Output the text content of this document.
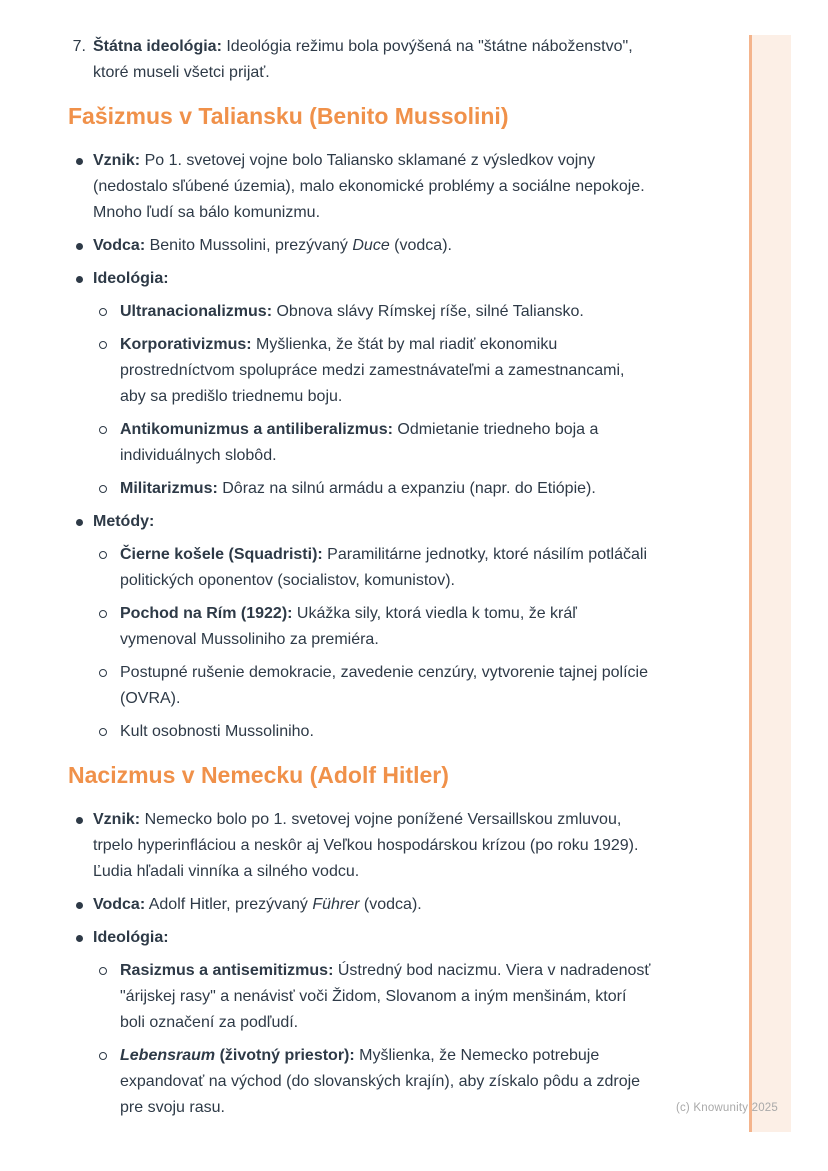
7. Štátna ideológia: Ideológia režimu bola povýšená na "štátne náboženstvo", ktoré museli všetci prijať.
Fašizmus v Taliansku (Benito Mussolini)
Vznik: Po 1. svetovej vojne bolo Taliansko sklamané z výsledkov vojny (nedostalo sľúbené územia), malo ekonomické problémy a sociálne nepokoje. Mnoho ľudí sa bálo komunizmu.
Vodca: Benito Mussolini, prezývaný Duce (vodca).
Ideológia:
Ultranacionalizmus: Obnova slávy Rímskej ríše, silné Taliansko.
Korporativizmus: Myšlienka, že štát by mal riadiť ekonomiku prostredníctvom spolupráce medzi zamestnávateľmi a zamestnancami, aby sa predišlo triednemu boju.
Antikomunizmus a antiliberalizmus: Odmietanie triedneho boja a individuálnych slobôd.
Militarizmus: Dôraz na silnú armádu a expanziu (napr. do Etiópie).
Metódy:
Čierne košele (Squadristi): Paramilitárne jednotky, ktoré násilím potláčali politických oponentov (socialistov, komunistov).
Pochod na Rím (1922): Ukážka sily, ktorá viedla k tomu, že kráľ vymenoval Mussoliniho za premiéra.
Postupné rušenie demokracie, zavedenie cenzúry, vytvorenie tajnej polície (OVRA).
Kult osobnosti Mussoliniho.
Nacizmus v Nemecku (Adolf Hitler)
Vznik: Nemecko bolo po 1. svetovej vojne ponížené Versaillskou zmluvou, trpelo hyperinfláciou a neskôr aj Veľkou hospodárskou krízou (po roku 1929). Ľudia hľadali vinníka a silného vodcu.
Vodca: Adolf Hitler, prezývaný Führer (vodca).
Ideológia:
Rasizmus a antisemitizmus: Ústredný bod nacizmu. Viera v nadradenosť "árijskej rasy" a nenávisť voči Židom, Slovanom a iným menšinám, ktorí boli označení za podľudí.
Lebensraum (životný priestor): Myšlienka, že Nemecko potrebuje expandovať na východ (do slovanských krajín), aby získalo pôdu a zdroje pre svoju rasu.	(c) Knowunity 2025
